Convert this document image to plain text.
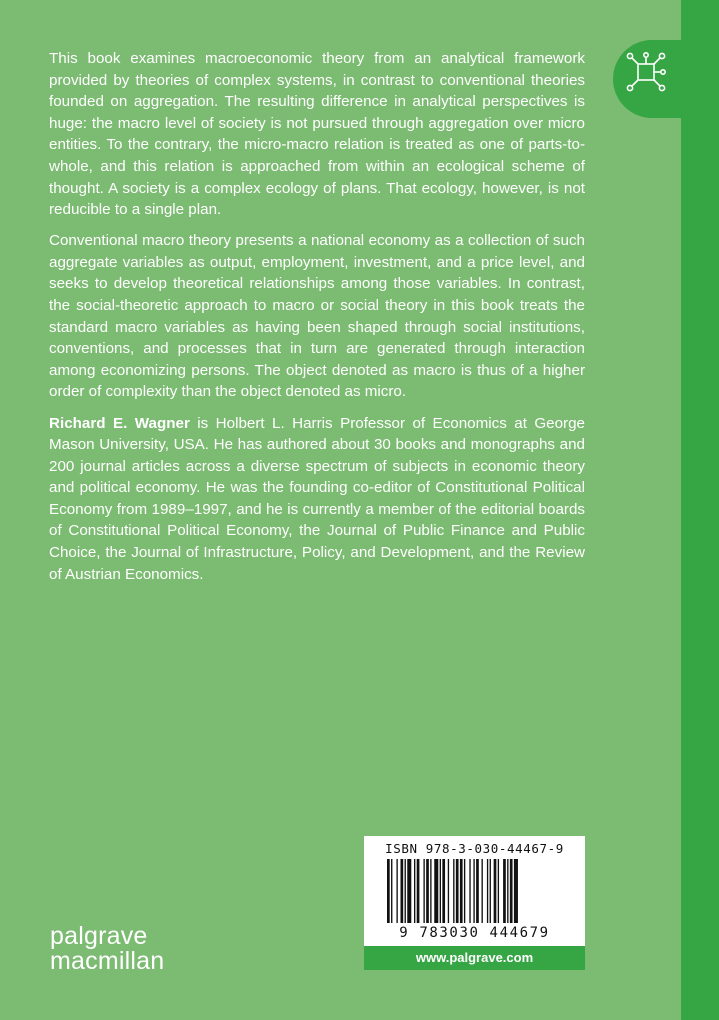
This book examines macroeconomic theory from an analytical framework provided by theories of complex systems, in contrast to conventional theories founded on aggregation. The resulting difference in analytical perspectives is huge: the macro level of society is not pursued through aggregation over micro entities. To the contrary, the micro-macro relation is treated as one of parts-to-whole, and this relation is approached from within an ecological scheme of thought. A society is a complex ecology of plans. That ecology, however, is not reducible to a single plan.

Conventional macro theory presents a national economy as a collection of such aggregate variables as output, employment, investment, and a price level, and seeks to develop theoretical relationships among those variables. In contrast, the social-theoretic approach to macro or social theory in this book treats the standard macro variables as having been shaped through social institutions, conventions, and processes that in turn are generated through interaction among economizing persons. The object denoted as macro is thus of a higher order of complexity than the object denoted as micro.

Richard E. Wagner is Holbert L. Harris Professor of Economics at George Mason University, USA. He has authored about 30 books and monographs and 200 journal articles across a diverse spectrum of subjects in economic theory and political economy. He was the founding co-editor of Constitutional Political Economy from 1989–1997, and he is currently a member of the editorial boards of Constitutional Political Economy, the Journal of Public Finance and Public Choice, the Journal of Infrastructure, Policy, and Development, and the Review of Austrian Economics.

ISBN 978-3-030-44467-9
9 783030 444679
www.palgrave.com
palgrave
macmillan
